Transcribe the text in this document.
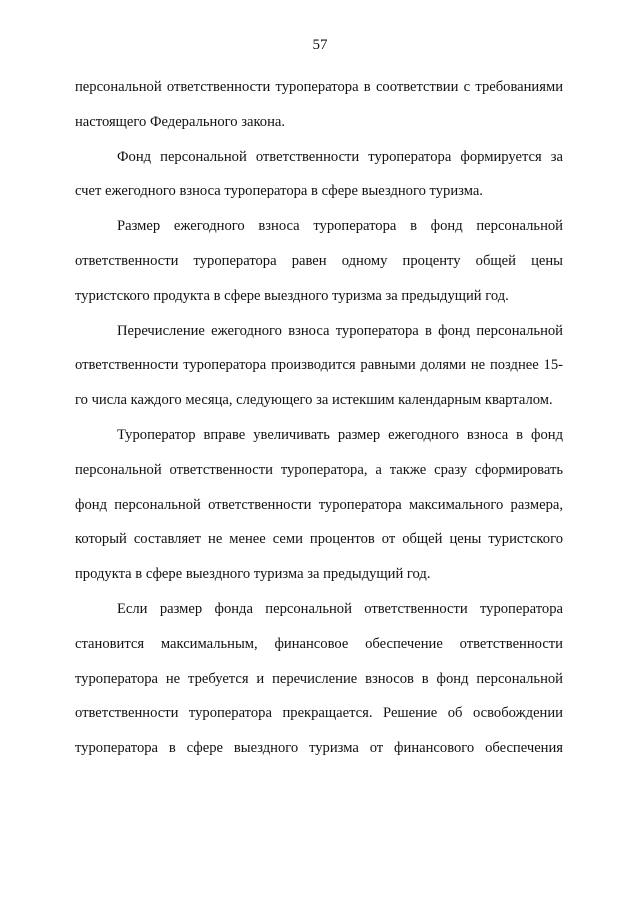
57

персональной ответственности туроператора в соответствии с требованиями настоящего Федерального закона.

Фонд персональной ответственности туроператора формируется за счет ежегодного взноса туроператора в сфере выездного туризма.

Размер ежегодного взноса туроператора в фонд персональной ответственности туроператора равен одному проценту общей цены туристского продукта в сфере выездного туризма за предыдущий год.

Перечисление ежегодного взноса туроператора в фонд персональной ответственности туроператора производится равными долями не позднее 15-го числа каждого месяца, следующего за истекшим календарным кварталом.

Туроператор вправе увеличивать размер ежегодного взноса в фонд персональной ответственности туроператора, а также сразу сформировать фонд персональной ответственности туроператора максимального размера, который составляет не менее семи процентов от общей цены туристского продукта в сфере выездного туризма за предыдущий год.

Если размер фонда персональной ответственности туроператора становится максимальным, финансовое обеспечение ответственности туроператора не требуется и перечисление взносов в фонд персональной ответственности туроператора прекращается. Решение об освобождении туроператора в сфере выездного туризма от финансового обеспечения
